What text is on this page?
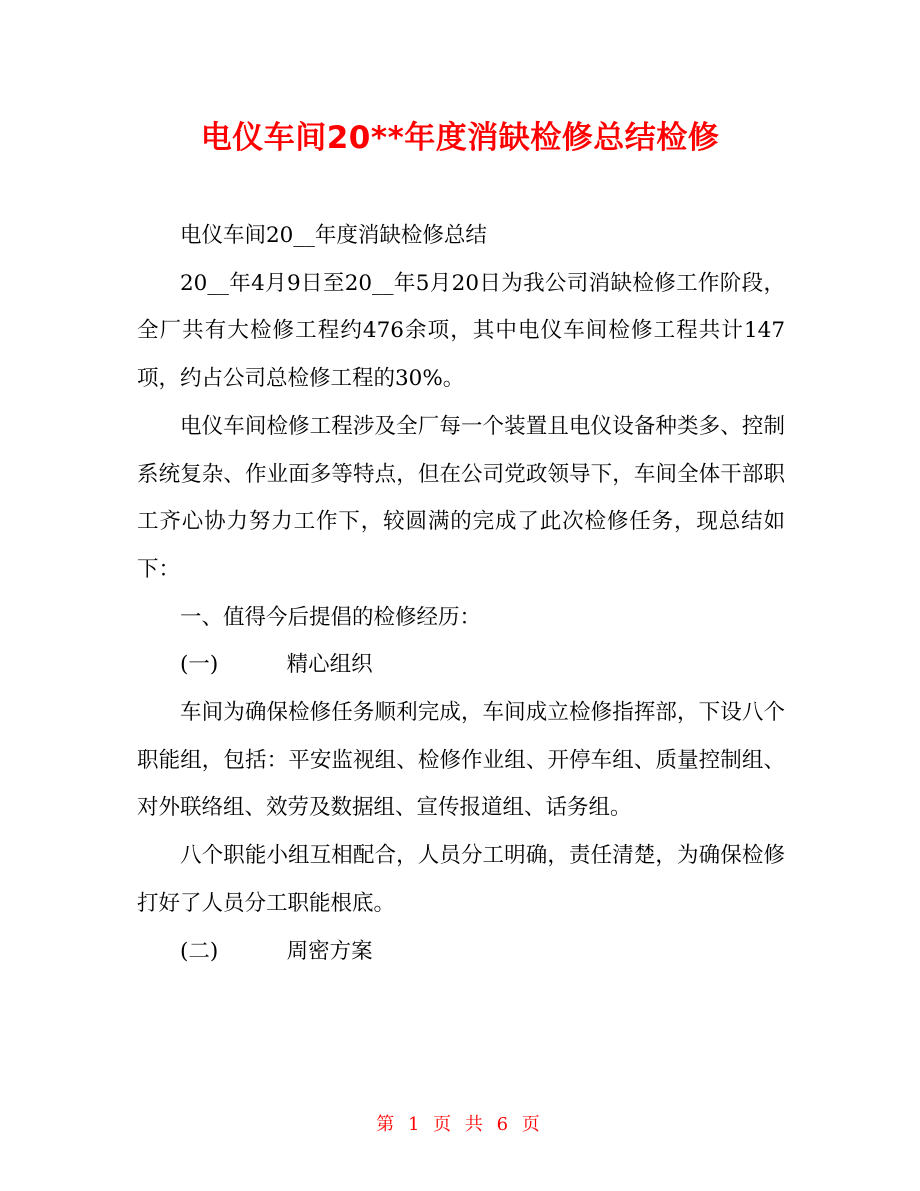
电仪车间20**年度消缺检修总结检修

电仪车间20__年度消缺检修总结

20__年4月9日至20__年5月20日为我公司消缺检修工作阶段，全厂共有大检修工程约476余项，其中电仪车间检修工程共计147项，约占公司总检修工程的30%。

电仪车间检修工程涉及全厂每一个装置且电仪设备种类多、控制系统复杂、作业面多等特点，但在公司党政领导下，车间全体干部职工齐心协力努力工作下，较圆满的完成了此次检修任务，现总结如下：

一、值得今后提倡的检修经历：

(一)          精心组织

车间为确保检修任务顺利完成，车间成立检修指挥部，下设八个职能组，包括：平安监视组、检修作业组、开停车组、质量控制组、对外联络组、效劳及数据组、宣传报道组、话务组。

八个职能小组互相配合，人员分工明确，责任清楚，为确保检修打好了人员分工职能根底。

(二)          周密方案

第 1 页 共 6 页
